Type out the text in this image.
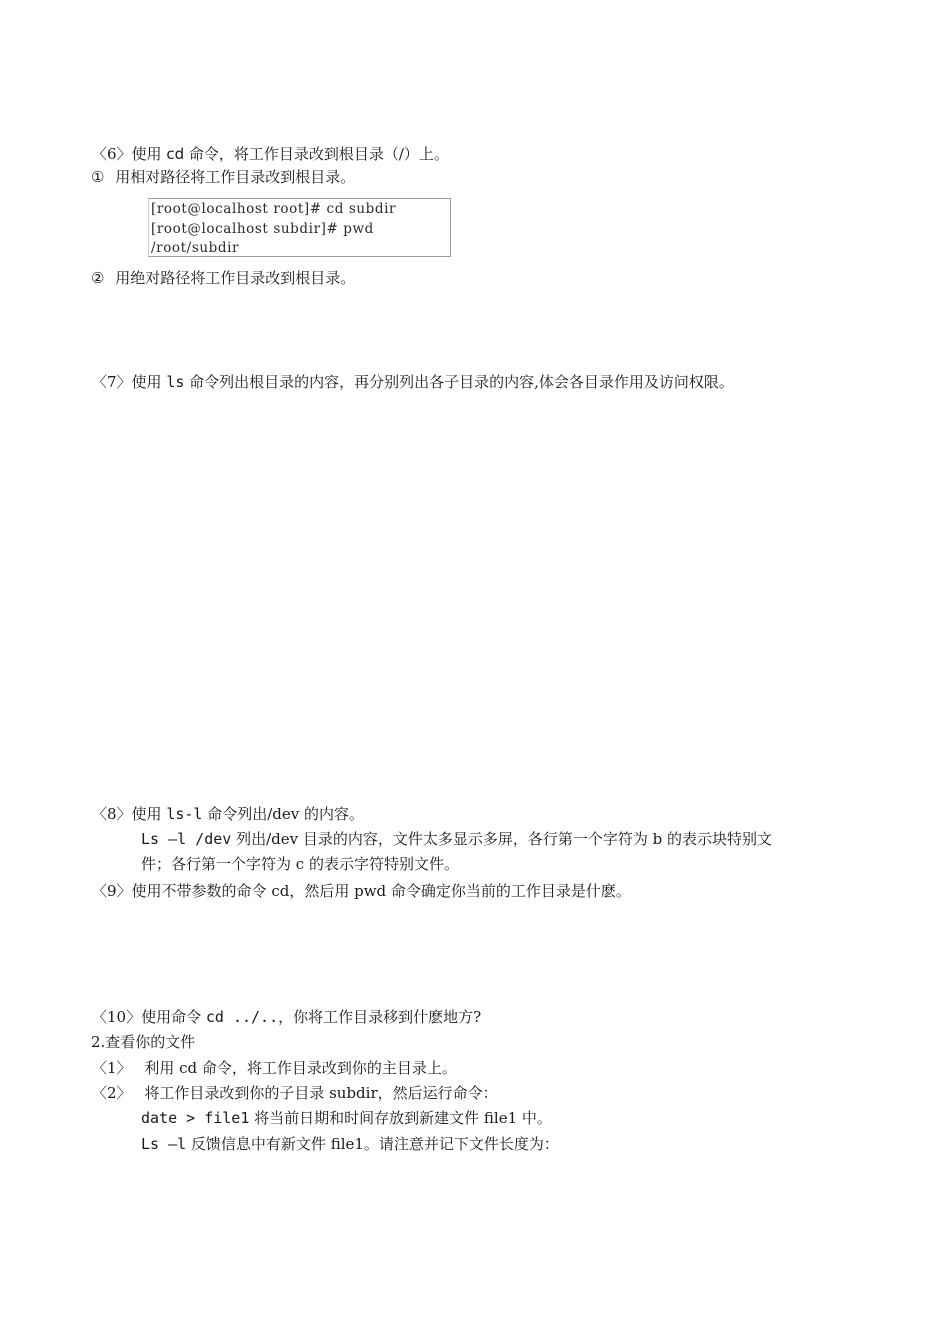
〈6〉使用 cd 命令，将工作目录改到根目录（/）上。
① 用相对路径将工作目录改到根目录。
[root@localhost root]# cd subdir
[root@localhost subdir]# pwd
/root/subdir
② 用绝对路径将工作目录改到根目录。
〈7〉使用 ls 命令列出根目录的内容，再分别列出各子目录的内容,体会各目录作用及访问权限。
〈8〉使用 ls-l 命令列出/dev 的内容。
Ls –l /dev 列出/dev 目录的内容，文件太多显示多屏，各行第一个字符为 b 的表示块特别文
件；各行第一个字符为 c 的表示字符特别文件。
〈9〉使用不带参数的命令 cd，然后用 pwd 命令确定你当前的工作目录是什麽。
〈10〉使用命令 cd ../..，你将工作目录移到什麽地方?
2.查看你的文件
〈1〉 利用 cd 命令，将工作目录改到你的主目录上。
〈2〉 将工作目录改到你的子目录 subdir，然后运行命令：
date > file1 将当前日期和时间存放到新建文件 file1 中。
Ls –l 反馈信息中有新文件 file1。请注意并记下文件长度为：
